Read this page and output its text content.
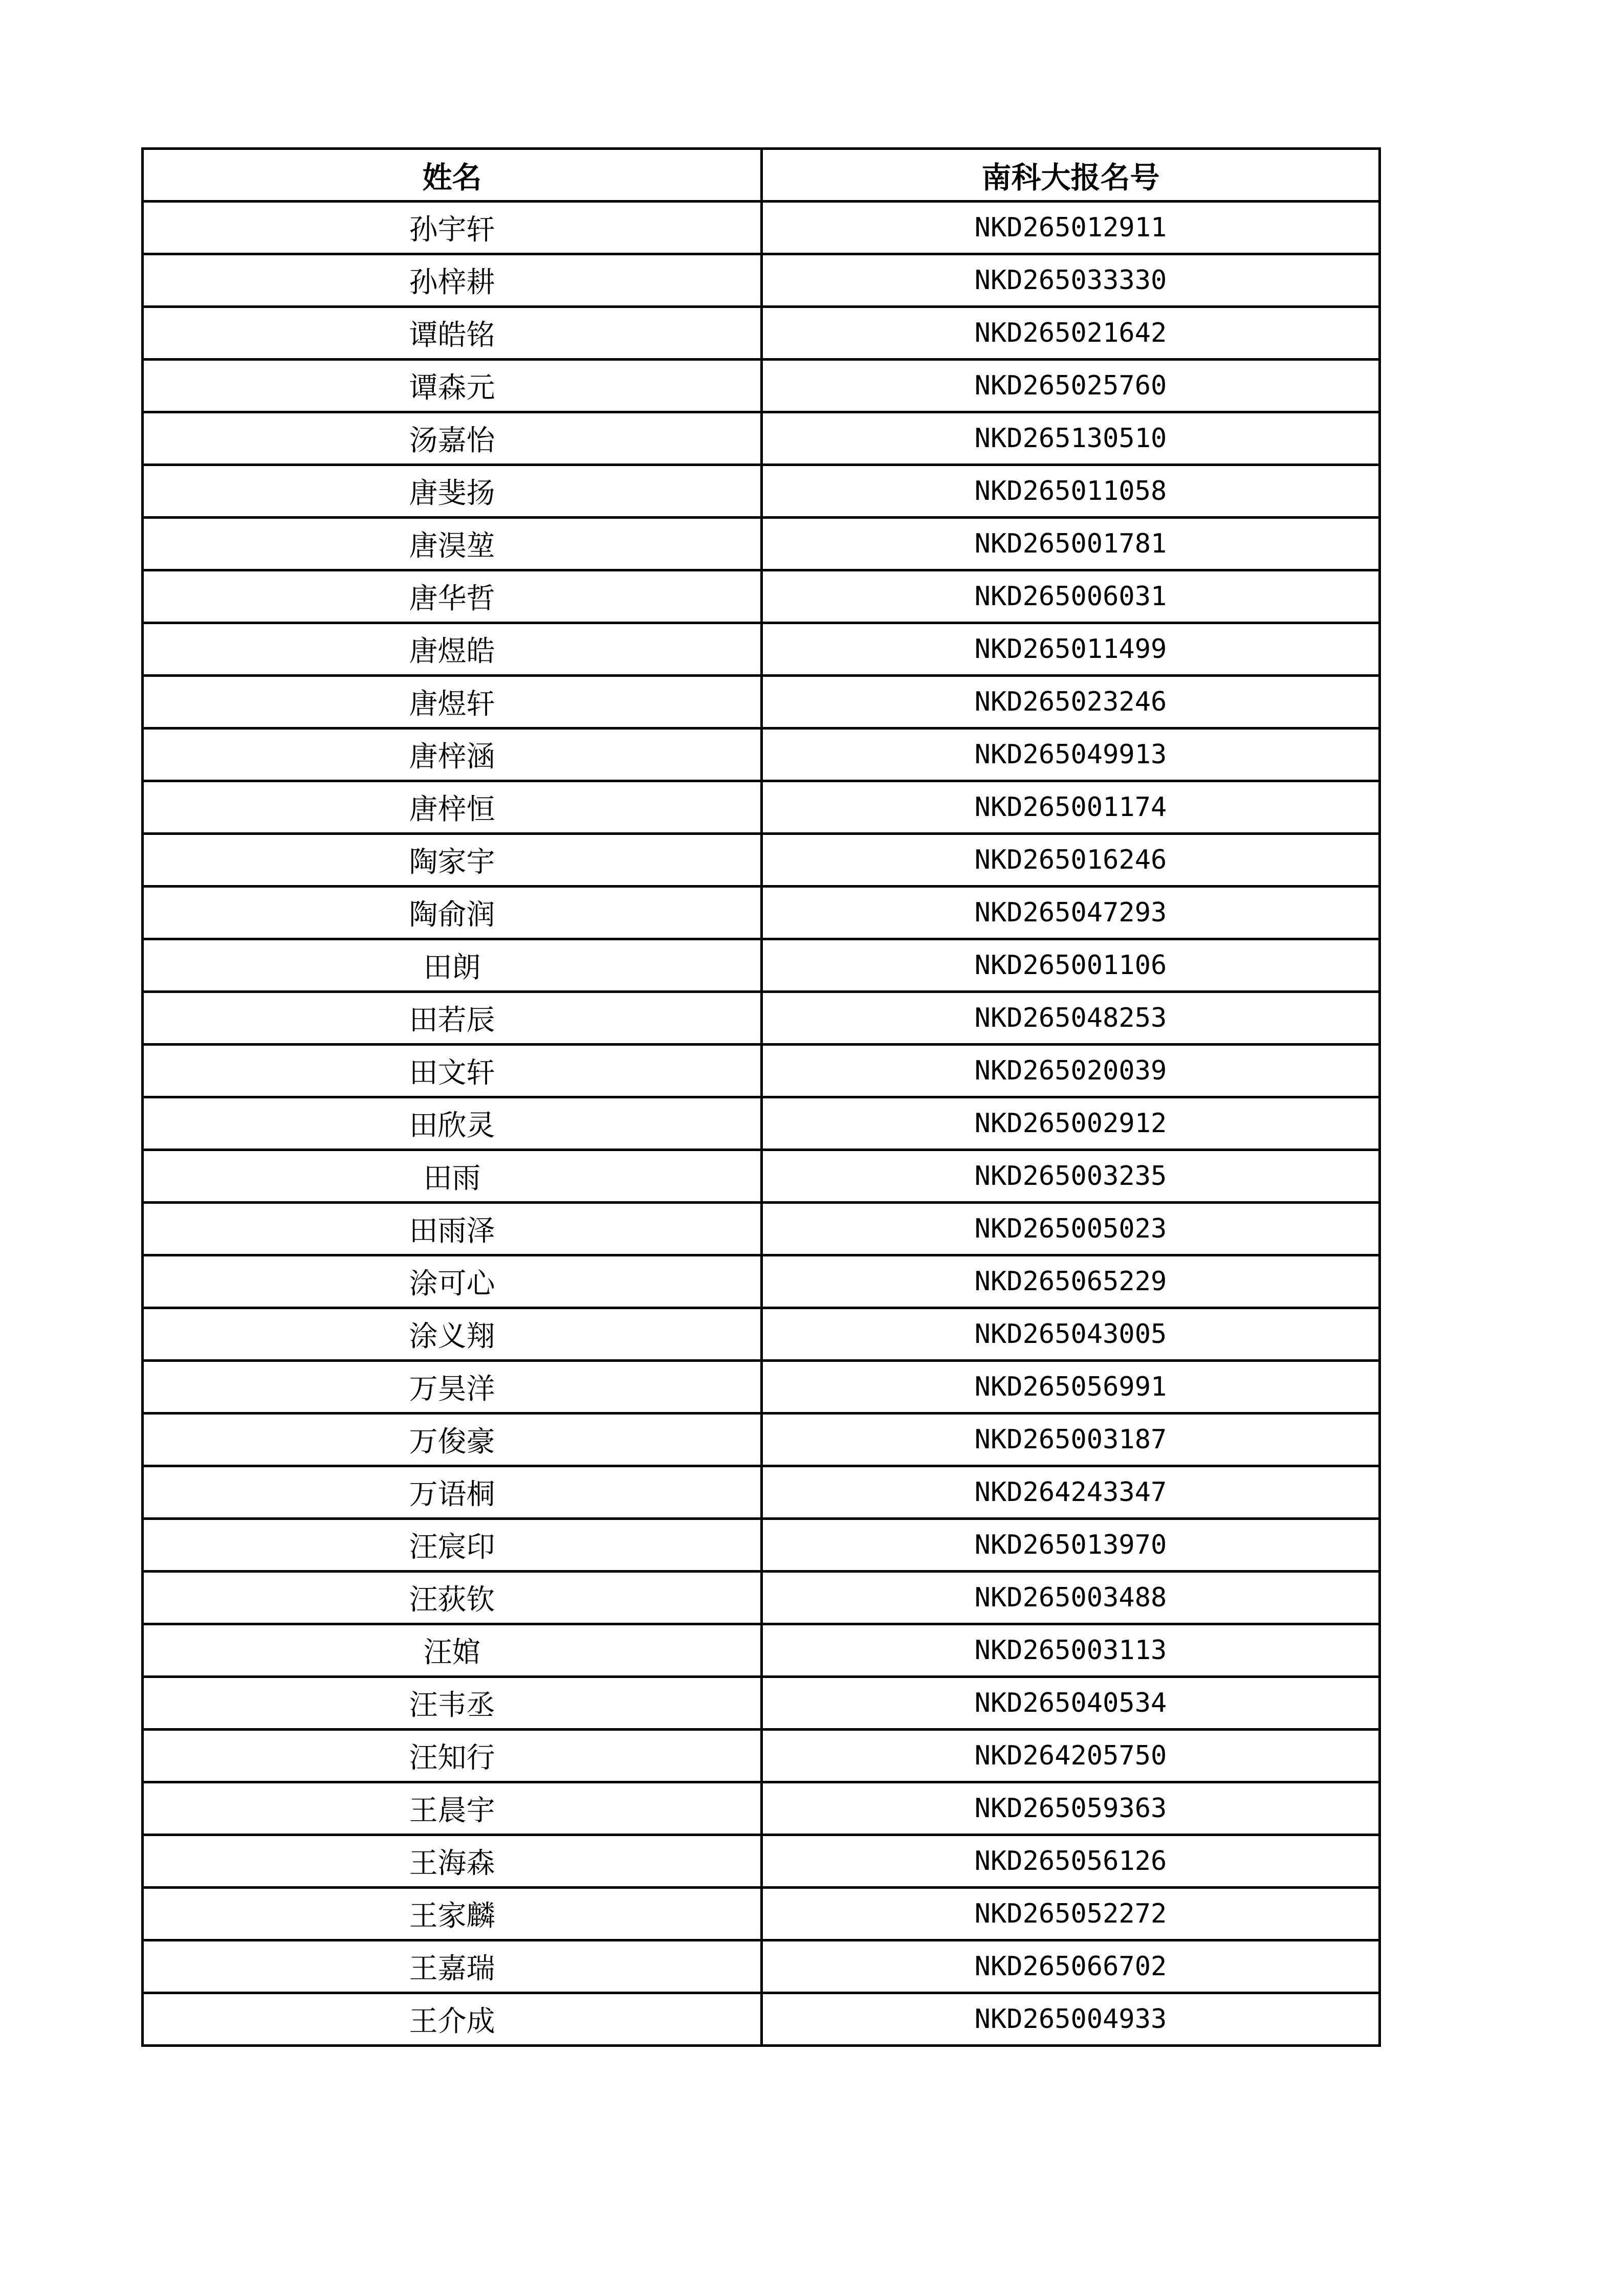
姓名	南科大报名号
孙宇轩	NKD265012911
孙梓耕	NKD265033330
谭皓铭	NKD265021642
谭森元	NKD265025760
汤嘉怡	NKD265130510
唐斐扬	NKD265011058
唐淏堃	NKD265001781
唐华哲	NKD265006031
唐煜皓	NKD265011499
唐煜轩	NKD265023246
唐梓涵	NKD265049913
唐梓恒	NKD265001174
陶家宇	NKD265016246
陶俞润	NKD265047293
田朗	NKD265001106
田若辰	NKD265048253
田文轩	NKD265020039
田欣灵	NKD265002912
田雨	NKD265003235
田雨泽	NKD265005023
涂可心	NKD265065229
涂义翔	NKD265043005
万昊洋	NKD265056991
万俊豪	NKD265003187
万语桐	NKD264243347
汪宸印	NKD265013970
汪荻钦	NKD265003488
汪婠	NKD265003113
汪韦丞	NKD265040534
汪知行	NKD264205750
王晨宇	NKD265059363
王海森	NKD265056126
王家麟	NKD265052272
王嘉瑞	NKD265066702
王介成	NKD265004933
